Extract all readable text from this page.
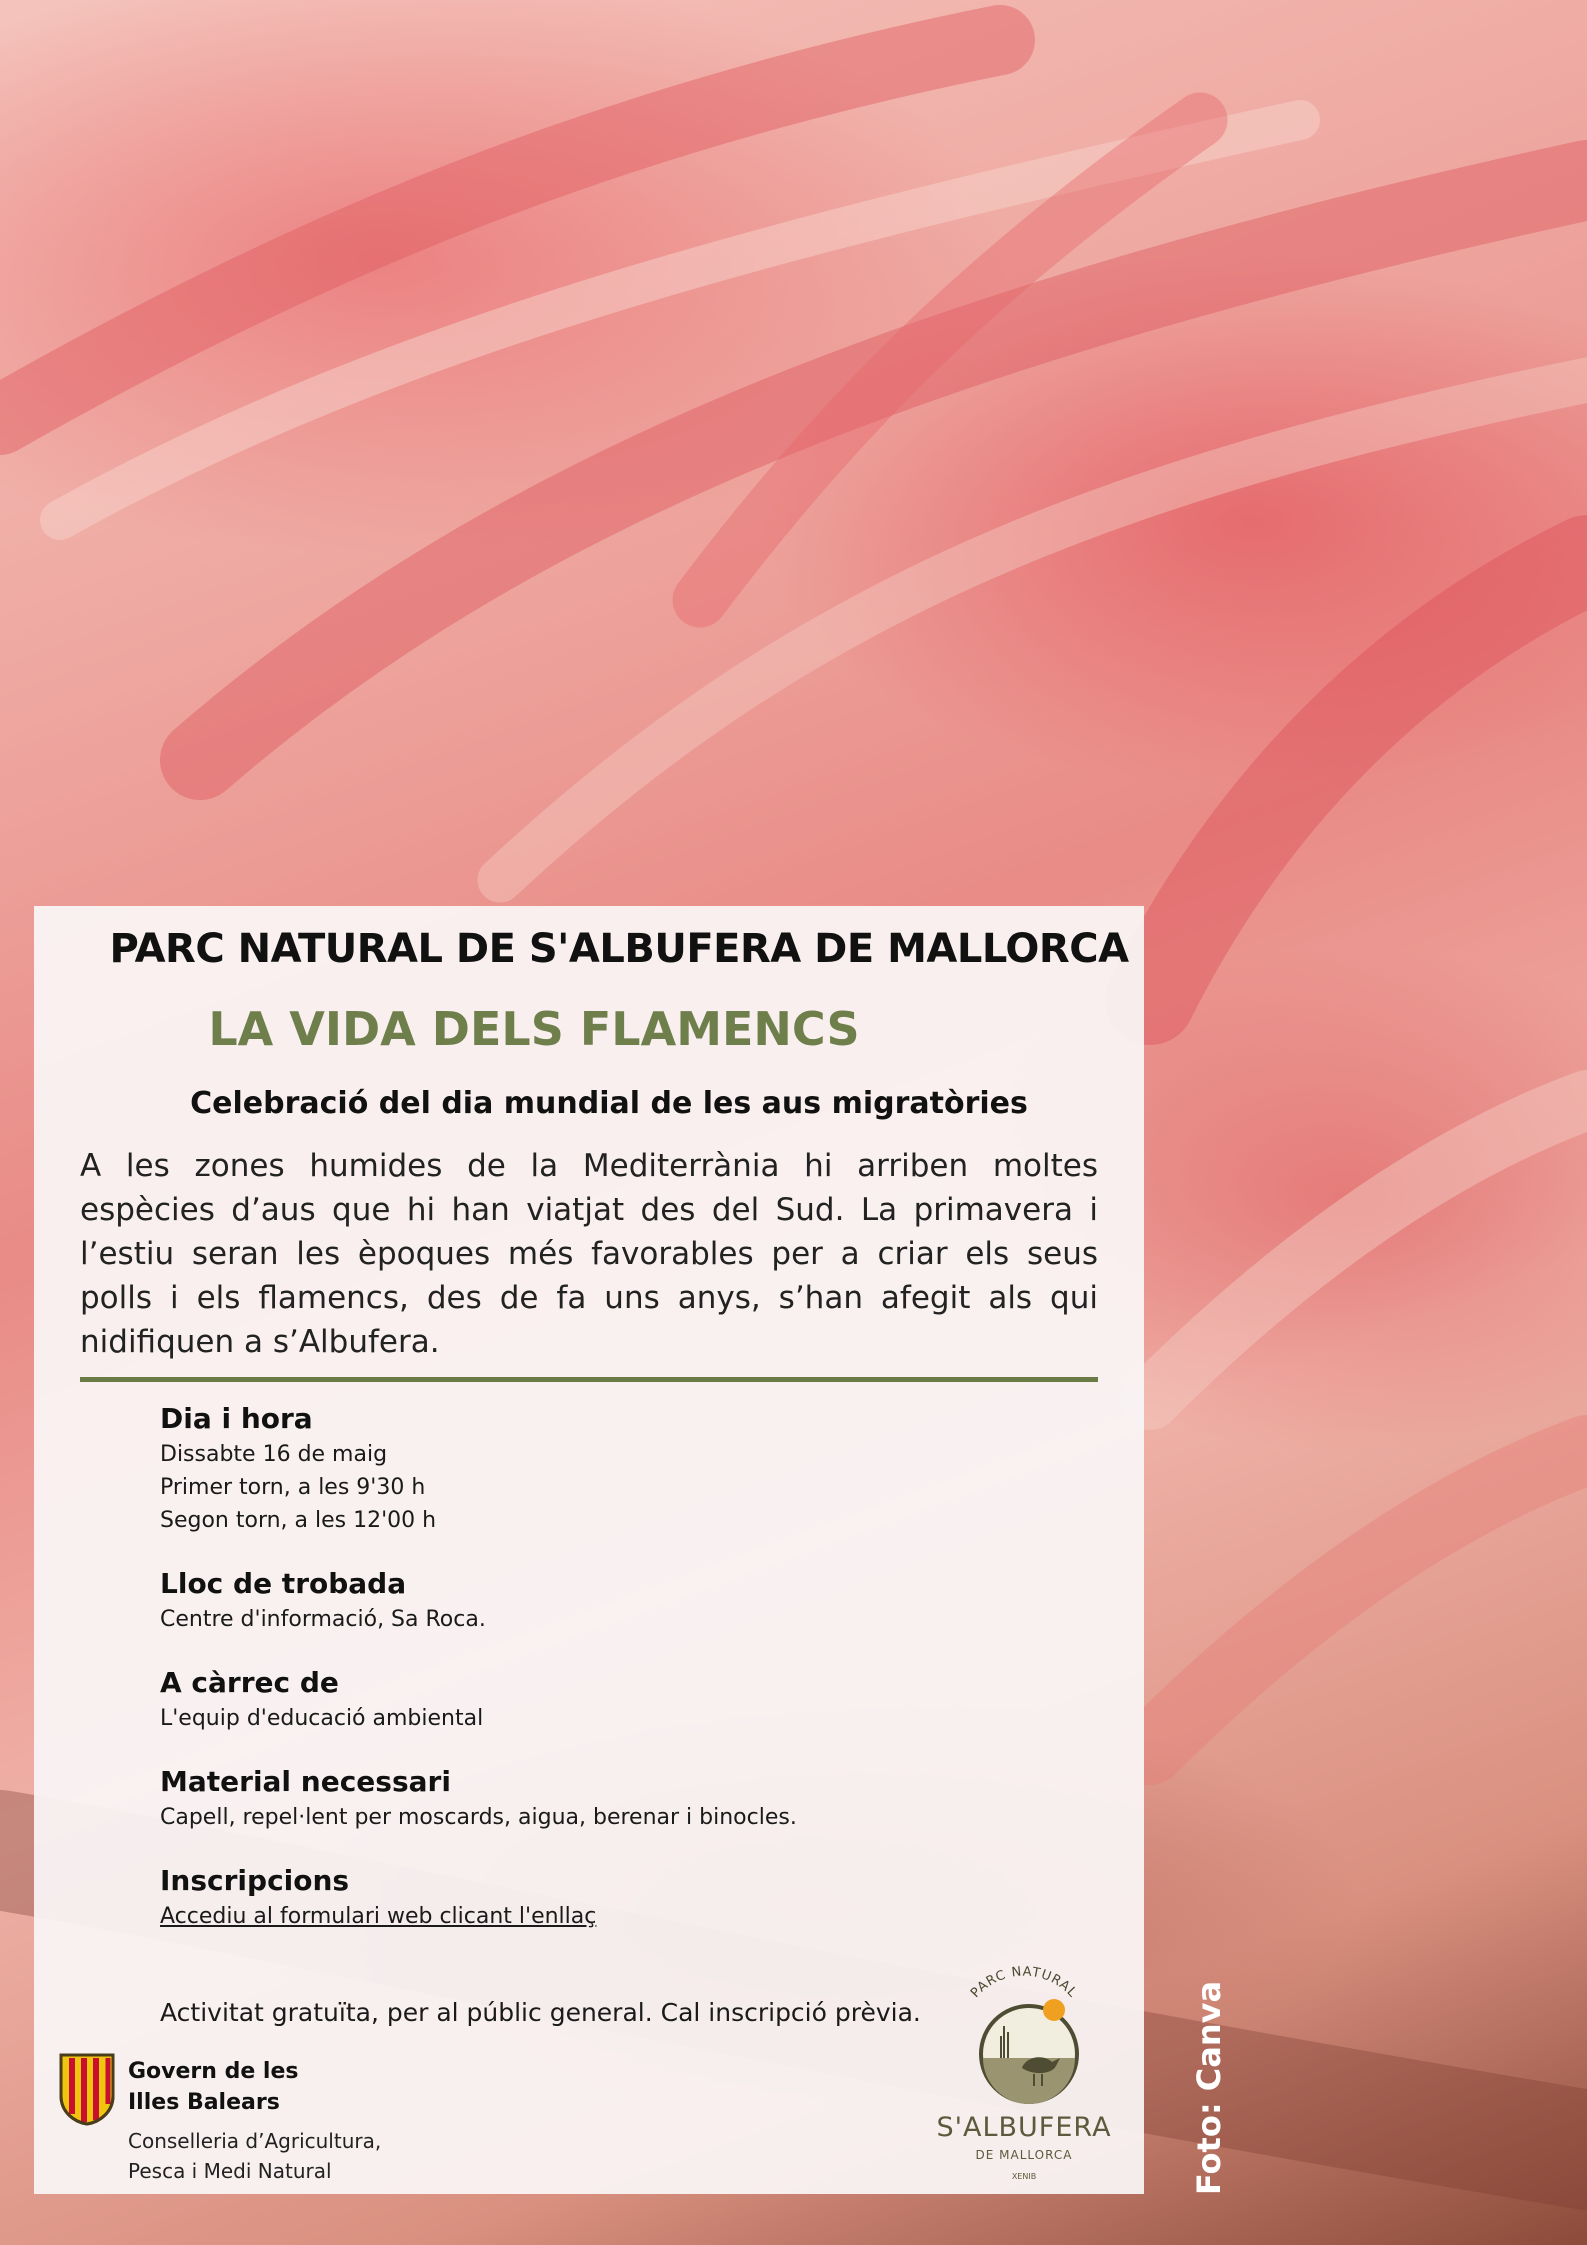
PARC NATURAL DE S'ALBUFERA DE MALLORCA
LA VIDA DELS FLAMENCS
Celebració del dia mundial de les aus migratòries
A les zones humides de la Mediterrània hi arriben moltes espècies d’aus que hi han viatjat des del Sud. La primavera i l’estiu seran les èpoques més favorables per a criar els seus polls i els flamencs, des de fa uns anys, s’han afegit als qui nidifiquen a s’Albufera.
Dia i hora
Dissabte 16 de maig
Primer torn, a les 9'30 h
Segon torn, a les 12'00 h
Lloc de trobada
Centre d'informació, Sa Roca.
A càrrec de
L'equip d'educació ambiental
Material necessari
Capell, repel·lent per moscards, aigua, berenar i binocles.
Inscripcions
Accediu al formulari web clicant l'enllaç
Activitat gratuïta, per al públic general. Cal inscripció prèvia.
Govern de les
Illes Balears
Conselleria d’Agricultura,
Pesca i Medi Natural
PARC NATURAL
S'ALBUFERA
DE MALLORCA
XENIB	Foto: Canva
